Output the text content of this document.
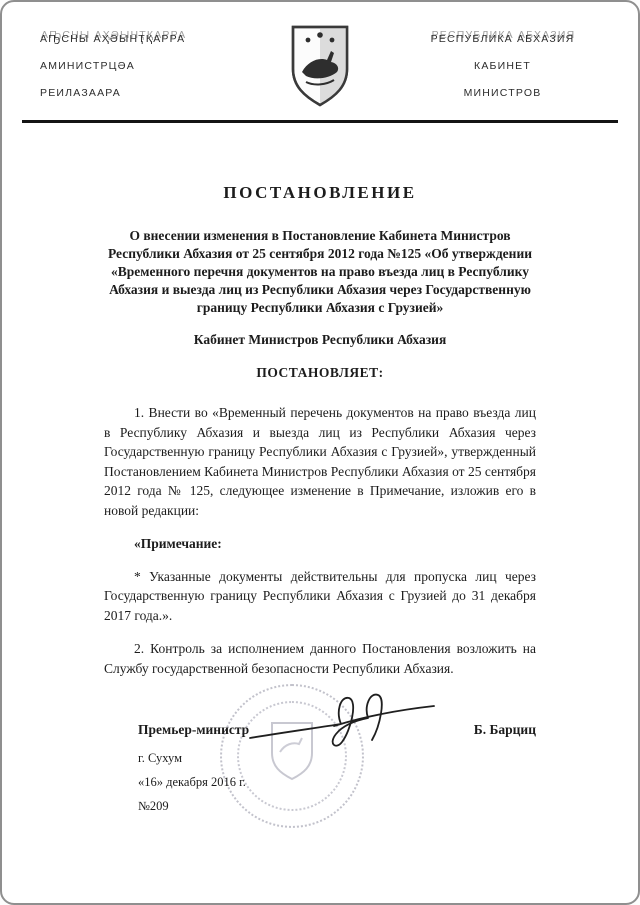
АҦСНЫ АҲӘЫНҬҚАРРА
АМИНИСТРЦӘА
РЕИЛАЗААРА
РЕСПУБЛИКА АБХАЗИЯ
КАБИНЕТ
МИНИСТРОВ
ПОСТАНОВЛЕНИЕ
О внесении изменения в Постановление Кабинета Министров Республики Абхазия от 25 сентября 2012 года №125 «Об утверждении «Временного перечня документов на право въезда лиц в Республику Абхазия и выезда лиц из Республики Абхазия через Государственную границу Республики Абхазия с Грузией»
Кабинет Министров Республики Абхазия
ПОСТАНОВЛЯЕТ:

1. Внести во «Временный перечень документов на право въезда лиц в Республику Абхазия и выезда лиц из Республики Абхазия через Государственную границу Республики Абхазия с Грузией», утвержденный Постановлением Кабинета Министров Республики Абхазия от 25 сентября 2012 года № 125, следующее изменение в Примечание, изложив его в новой редакции:

«Примечание:

* Указанные документы действительны для пропуска лиц через Государственную границу Республики Абхазия с Грузией до 31 декабря 2017 года.».

2. Контроль за исполнением данного Постановления возложить на Службу государственной безопасности Республики Абхазия.

Премьер-министр	Б. Барциц
г. Сухум
«16» декабря 2016 г.
№209
